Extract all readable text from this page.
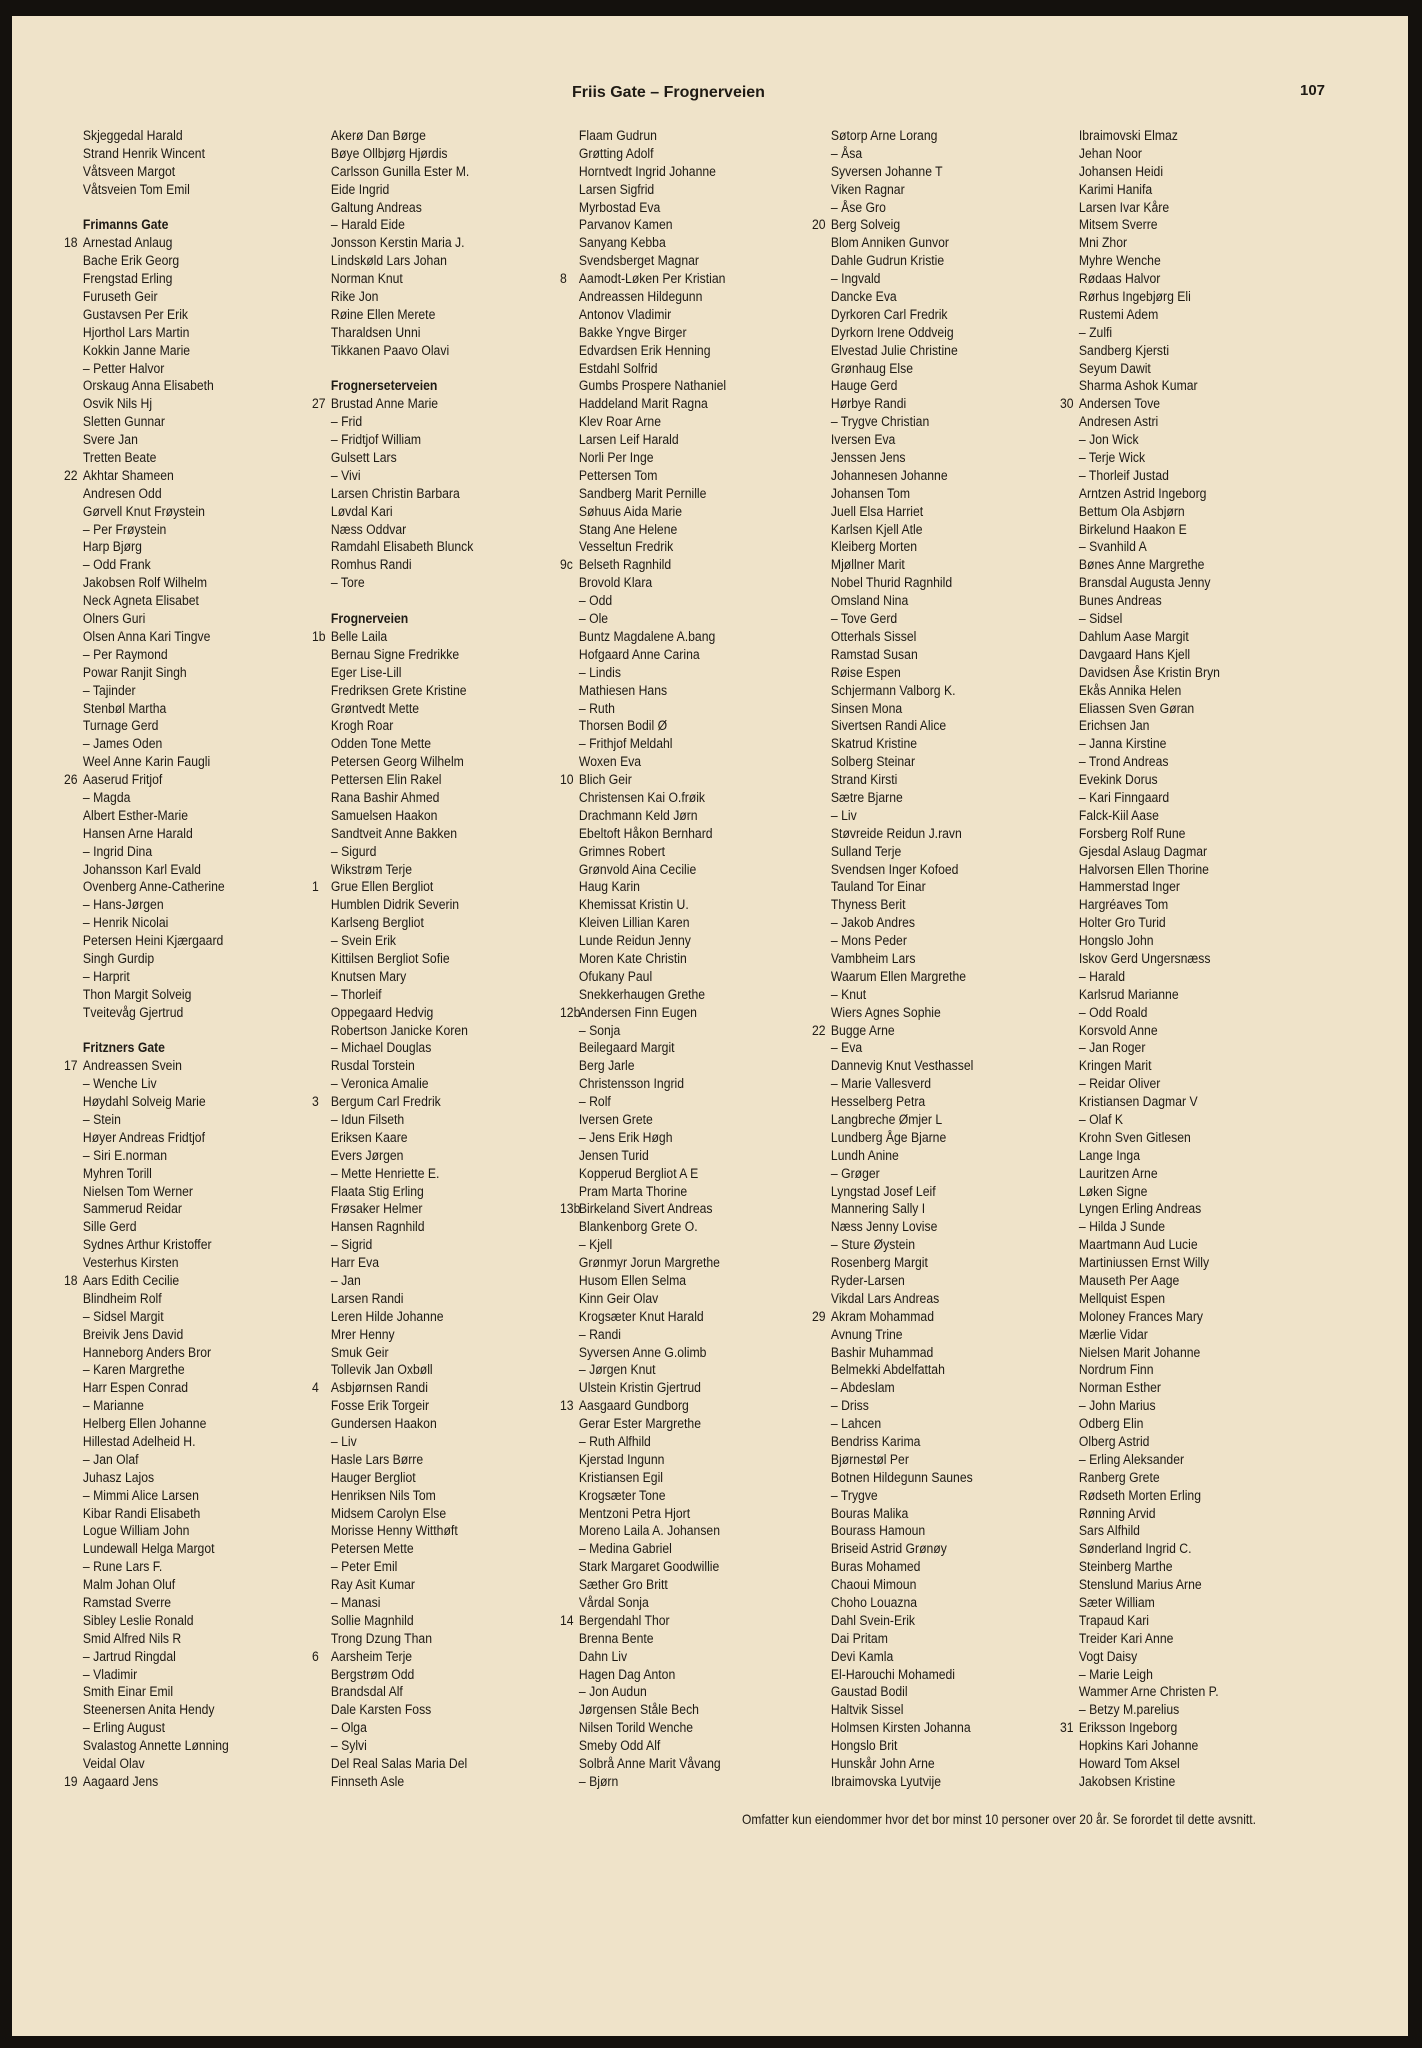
Friis Gate – Frognerveien	107
Skjeggedal Harald
Strand Henrik Wincent
Våtsveen Margot
Våtsveien Tom Emil
Frimanns Gate
18 Arnestad Anlaug
Bache Erik Georg
Frengstad Erling
Furuseth Geir
Gustavsen Per Erik
Hjorthol Lars Martin
Kokkin Janne Marie
– Petter Halvor
Orskaug Anna Elisabeth
Osvik Nils Hj
Sletten Gunnar
Svere Jan
Tretten Beate
22 Akhtar Shameen
Andresen Odd
Gørvell Knut Frøystein
– Per Frøystein
Harp Bjørg
– Odd Frank
Jakobsen Rolf Wilhelm
Neck Agneta Elisabet
Olners Guri
Olsen Anna Kari Tingve
– Per Raymond
Powar Ranjit Singh
– Tajinder
Stenbøl Martha
Turnage Gerd
– James Oden
Weel Anne Karin Faugli
26 Aaserud Fritjof
– Magda
Albert Esther-Marie
Hansen Arne Harald
– Ingrid Dina
Johansson Karl Evald
Ovenberg Anne-Catherine
– Hans-Jørgen
– Henrik Nicolai
Petersen Heini Kjærgaard
Singh Gurdip
– Harprit
Thon Margit Solveig
Tveitevåg Gjertrud
Fritzners Gate
17 Andreassen Svein
– Wenche Liv
Høydahl Solveig Marie
– Stein
Høyer Andreas Fridtjof
– Siri E.norman
Myhren Torill
Nielsen Tom Werner
Sammerud Reidar
Sille Gerd
Sydnes Arthur Kristoffer
Vesterhus Kirsten
18 Aars Edith Cecilie
Blindheim Rolf
– Sidsel Margit
Breivik Jens David
Hanneborg Anders Bror
– Karen Margrethe
Harr Espen Conrad
– Marianne
Helberg Ellen Johanne
Hillestad Adelheid H.
– Jan Olaf
Juhasz Lajos
– Mimmi Alice Larsen
Kibar Randi Elisabeth
Logue William John
Lundewall Helga Margot
– Rune Lars F.
Malm Johan Oluf
Ramstad Sverre
Sibley Leslie Ronald
Smid Alfred Nils R
– Jartrud Ringdal
– Vladimir
Smith Einar Emil
Steenersen Anita Hendy
– Erling August
Svalastog Annette Lønning
Veidal Olav
19 Aagaard Jens
Akerø Dan Børge
Bøye Ollbjørg Hjørdis
Carlsson Gunilla Ester M.
Eide Ingrid
Galtung Andreas
– Harald Eide
Jonsson Kerstin Maria J.
Lindskøld Lars Johan
Norman Knut
Rike Jon
Røine Ellen Merete
Tharaldsen Unni
Tikkanen Paavo Olavi
Frognerseterveien
27 Brustad Anne Marie
– Frid
– Fridtjof William
Gulsett Lars
– Vivi
Larsen Christin Barbara
Løvdal Kari
Næss Oddvar
Ramdahl Elisabeth Blunck
Romhus Randi
– Tore
Frognerveien
1b Belle Laila
Bernau Signe Fredrikke
Eger Lise-Lill
Fredriksen Grete Kristine
Grøntvedt Mette
Krogh Roar
Odden Tone Mette
Petersen Georg Wilhelm
Pettersen Elin Rakel
Rana Bashir Ahmed
Samuelsen Haakon
Sandtveit Anne Bakken
– Sigurd
Wikstrøm Terje
1 Grue Ellen Bergliot
Humblen Didrik Severin
Karlseng Bergliot
– Svein Erik
Kittilsen Bergliot Sofie
Knutsen Mary
– Thorleif
Oppegaard Hedvig
Robertson Janicke Koren
– Michael Douglas
Rusdal Torstein
– Veronica Amalie
3 Bergum Carl Fredrik
– Idun Filseth
Eriksen Kaare
Evers Jørgen
– Mette Henriette E.
Flaata Stig Erling
Frøsaker Helmer
Hansen Ragnhild
– Sigrid
Harr Eva
– Jan
Larsen Randi
Leren Hilde Johanne
Mrer Henny
Smuk Geir
Tollevik Jan Oxbøll
4 Asbjørnsen Randi
Fosse Erik Torgeir
Gundersen Haakon
– Liv
Hasle Lars Børre
Hauger Bergliot
Henriksen Nils Tom
Midsem Carolyn Else
Morisse Henny Witthøft
Petersen Mette
– Peter Emil
Ray Asit Kumar
– Manasi
Sollie Magnhild
Trong Dzung Than
6 Aarsheim Terje
Bergstrøm Odd
Brandsdal Alf
Dale Karsten Foss
– Olga
– Sylvi
Del Real Salas Maria Del
Finnseth Asle
Flaam Gudrun
Grøtting Adolf
Horntvedt Ingrid Johanne
Larsen Sigfrid
Myrbostad Eva
Parvanov Kamen
Sanyang Kebba
Svendsberget Magnar
8 Aamodt-Løken Per Kristian
Andreassen Hildegunn
Antonov Vladimir
Bakke Yngve Birger
Edvardsen Erik Henning
Estdahl Solfrid
Gumbs Prospere Nathaniel
Haddeland Marit Ragna
Klev Roar Arne
Larsen Leif Harald
Norli Per Inge
Pettersen Tom
Sandberg Marit Pernille
Søhuus Aida Marie
Stang Ane Helene
Vesseltun Fredrik
9c Belseth Ragnhild
Brovold Klara
– Odd
– Ole
Buntz Magdalene A.bang
Hofgaard Anne Carina
– Lindis
Mathiesen Hans
– Ruth
Thorsen Bodil Ø
– Frithjof Meldahl
Woxen Eva
10 Blich Geir
Christensen Kai O.frøik
Drachmann Keld Jørn
Ebeltoft Håkon Bernhard
Grimnes Robert
Grønvold Aina Cecilie
Haug Karin
Khemissat Kristin U.
Kleiven Lillian Karen
Lunde Reidun Jenny
Moren Kate Christin
Ofukany Paul
Snekkerhaugen Grethe
12b
Andersen Finn Eugen
– Sonja
Beilegaard Margit
Berg Jarle
Christensson Ingrid
– Rolf
Iversen Grete
– Jens Erik Høgh
Jensen Turid
Kopperud Bergliot A E
Pram Marta Thorine
13b
Birkeland Sivert Andreas
Blankenborg Grete O.
– Kjell
Grønmyr Jorun Margrethe
Husom Ellen Selma
Kinn Geir Olav
Krogsæter Knut Harald
– Randi
Syversen Anne G.olimb
– Jørgen Knut
Ulstein Kristin Gjertrud
13 Aasgaard Gundborg
Gerar Ester Margrethe
– Ruth Alfhild
Kjerstad Ingunn
Kristiansen Egil
Krogsæter Tone
Mentzoni Petra Hjort
Moreno Laila A. Johansen
– Medina Gabriel
Stark Margaret Goodwillie
Sæther Gro Britt
Vårdal Sonja
14 Bergendahl Thor
Brenna Bente
Dahn Liv
Hagen Dag Anton
– Jon Audun
Jørgensen Ståle Bech
Nilsen Torild Wenche
Smeby Odd Alf
Solbrå Anne Marit Våvang
– Bjørn
Søtorp Arne Lorang
– Åsa
Syversen Johanne T
Viken Ragnar
– Åse Gro
20 Berg Solveig
Blom Anniken Gunvor
Dahle Gudrun Kristie
– Ingvald
Dancke Eva
Dyrkoren Carl Fredrik
Dyrkorn Irene Oddveig
Elvestad Julie Christine
Grønhaug Else
Hauge Gerd
Hørbye Randi
– Trygve Christian
Iversen Eva
Jenssen Jens
Johannesen Johanne
Johansen Tom
Juell Elsa Harriet
Karlsen Kjell Atle
Kleiberg Morten
Mjøllner Marit
Nobel Thurid Ragnhild
Omsland Nina
– Tove Gerd
Otterhals Sissel
Ramstad Susan
Røise Espen
Schjermann Valborg K.
Sinsen Mona
Sivertsen Randi Alice
Skatrud Kristine
Solberg Steinar
Strand Kirsti
Sætre Bjarne
– Liv
Støvreide Reidun J.ravn
Sulland Terje
Svendsen Inger Kofoed
Tauland Tor Einar
Thyness Berit
– Jakob Andres
– Mons Peder
Vambheim Lars
Waarum Ellen Margrethe
– Knut
Wiers Agnes Sophie
22 Bugge Arne
– Eva
Dannevig Knut Vesthassel
– Marie Vallesverd
Hesselberg Petra
Langbreche Ømjer L
Lundberg Åge Bjarne
Lundh Anine
– Grøger
Lyngstad Josef Leif
Mannering Sally I
Næss Jenny Lovise
– Sture Øystein
Rosenberg Margit
Ryder-Larsen
Vikdal Lars Andreas
29 Akram Mohammad
Avnung Trine
Bashir Muhammad
Belmekki Abdelfattah
– Abdeslam
– Driss
– Lahcen
Bendriss Karima
Bjørnestøl Per
Botnen Hildegunn Saunes
– Trygve
Bouras Malika
Bourass Hamoun
Briseid Astrid Grønøy
Buras Mohamed
Chaoui Mimoun
Choho Louazna
Dahl Svein-Erik
Dai Pritam
Devi Kamla
El-Harouchi Mohamedi
Gaustad Bodil
Haltvik Sissel
Holmsen Kirsten Johanna
Hongslo Brit
Hunskår John Arne
Ibraimovska Lyutvije
Ibraimovski Elmaz
Jehan Noor
Johansen Heidi
Karimi Hanifa
Larsen Ivar Kåre
Mitsem Sverre
Mni Zhor
Myhre Wenche
Rødaas Halvor
Rørhus Ingebjørg Eli
Rustemi Adem
– Zulfi
Sandberg Kjersti
Seyum Dawit
Sharma Ashok Kumar
30 Andersen Tove
Andresen Astri
– Jon Wick
– Terje Wick
– Thorleif Justad
Arntzen Astrid Ingeborg
Bettum Ola Asbjørn
Birkelund Haakon E
– Svanhild A
Bønes Anne Margrethe
Bransdal Augusta Jenny
Bunes Andreas
– Sidsel
Dahlum Aase Margit
Davgaard Hans Kjell
Davidsen Åse Kristin Bryn
Ekås Annika Helen
Eliassen Sven Gøran
Erichsen Jan
– Janna Kirstine
– Trond Andreas
Evekink Dorus
– Kari Finngaard
Falck-Kiil Aase
Forsberg Rolf Rune
Gjesdal Aslaug Dagmar
Halvorsen Ellen Thorine
Hammerstad Inger
Hargréaves Tom
Holter Gro Turid
Hongslo John
Iskov Gerd Ungersnæss
– Harald
Karlsrud Marianne
– Odd Roald
Korsvold Anne
– Jan Roger
Kringen Marit
– Reidar Oliver
Kristiansen Dagmar V
– Olaf K
Krohn Sven Gitlesen
Lange Inga
Lauritzen Arne
Løken Signe
Lyngen Erling Andreas
– Hilda J Sunde
Maartmann Aud Lucie
Martiniussen Ernst Willy
Mauseth Per Aage
Mellquist Espen
Moloney Frances Mary
Mærlie Vidar
Nielsen Marit Johanne
Nordrum Finn
Norman Esther
– John Marius
Odberg Elin
Olberg Astrid
– Erling Aleksander
Ranberg Grete
Rødseth Morten Erling
Rønning Arvid
Sars Alfhild
Sønderland Ingrid C.
Steinberg Marthe
Stenslund Marius Arne
Sæter William
Trapaud Kari
Treider Kari Anne
Vogt Daisy
– Marie Leigh
Wammer Arne Christen P.
– Betzy M.parelius
31 Eriksson Ingeborg
Hopkins Kari Johanne
Howard Tom Aksel
Jakobsen Kristine
Omfatter kun eiendommer hvor det bor minst 10 personer over 20 år. Se forordet til dette avsnitt.
